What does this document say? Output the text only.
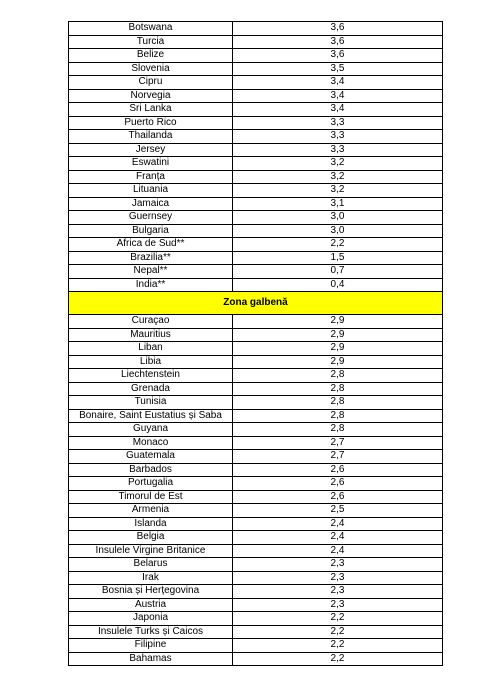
Botswana	3,6
Turcia	3,6
Belize	3,6
Slovenia	3,5
Cipru	3,4
Norvegia	3,4
Sri Lanka	3,4
Puerto Rico	3,3
Thailanda	3,3
Jersey	3,3
Eswatini	3,2
Franța	3,2
Lituania	3,2
Jamaica	3,1
Guernsey	3,0
Bulgaria	3,0
Africa de Sud**	2,2
Brazilia**	1,5
Nepal**	0,7
India**	0,4
Zona galbenă	
Curaçao	2,9
Mauritius	2,9
Liban	2,9
Libia	2,9
Liechtenstein	2,8
Grenada	2,8
Tunisia	2,8
Bonaire, Saint Eustatius și Saba	2,8
Guyana	2,8
Monaco	2,7
Guatemala	2,7
Barbados	2,6
Portugalia	2,6
Timorul de Est	2,6
Armenia	2,5
Islanda	2,4
Belgia	2,4
Insulele Virgine Britanice	2,4
Belarus	2,3
Irak	2,3
Bosnia și Herțegovina	2,3
Austria	2,3
Japonia	2,2
Insulele Turks și Caicos	2,2
Filipine	2,2
Bahamas	2,2
